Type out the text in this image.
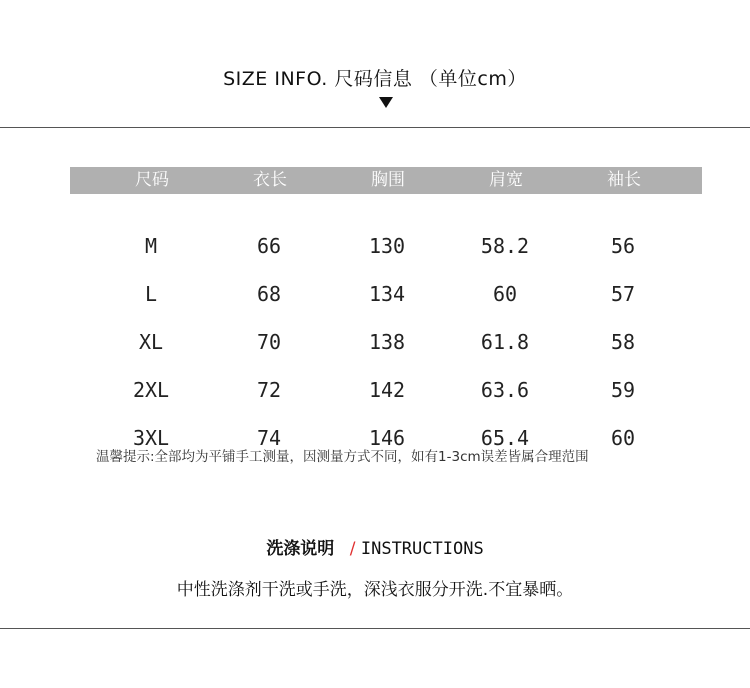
SIZE INFO. 尺码信息 （单位cm）
尺码	衣长	胸围	肩宽	袖长
M	66	130	58.2	56
L	68	134	60	57
XL	70	138	61.8	58
2XL	72	142	63.6	59
3XL	74	146	65.4	60
温馨提示:全部均为平铺手工测量，因测量方式不同，如有1-3cm误差皆属合理范围
洗涤说明 / INSTRUCTIONS
中性洗涤剂干洗或手洗，深浅衣服分开洗.不宜暴晒。
